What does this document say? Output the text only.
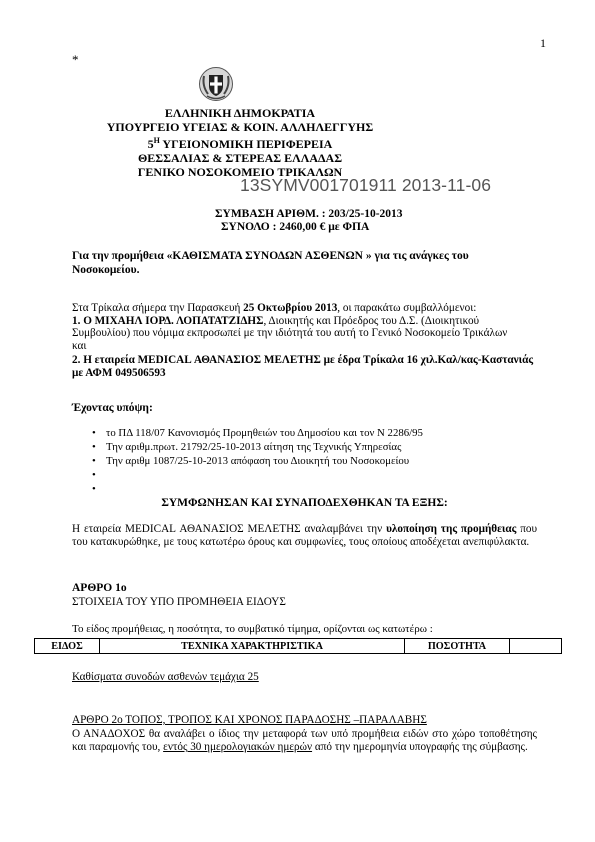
1
*
ΕΛΛΗΝΙΚΗ ΔΗΜΟΚΡΑΤΙΑ
ΥΠΟΥΡΓΕΙΟ ΥΓΕΙΑΣ & ΚΟΙΝ. ΑΛΛΗΛΕΓΓΥΗΣ
$5^H$ ΥΓΕΙΟΝΟΜΙΚΗ ΠΕΡΙΦΕΡΕΙΑ
ΘΕΣΣΑΛΙΑΣ & ΣΤΕΡΕΑΣ ΕΛΛΑΔΑΣ
ΓΕΝΙΚΟ ΝΟΣΟΚΟΜΕΙΟ ΤΡΙΚΑΛΩΝ
13SYMV001701911 2013-11-06
ΣΥΜΒΑΣΗ ΑΡΙΘΜ. : 203/25-10-2013
ΣΥΝΟΛΟ : 2460,00 € με ΦΠΑ
Για την προμήθεια «ΚΑΘΙΣΜΑΤΑ ΣΥΝΟΔΩΝ ΑΣΘΕΝΩΝ » για τις ανάγκες του Νοσοκομείου.
Στα Τρίκαλα σήμερα την Παρασκευή 25 Οκτωβρίου 2013, οι παρακάτω συμβαλλόμενοι:
1. Ο ΜΙΧΑΗΛ ΙΟΡΔ. ΛΟΠΑΤΑΤΖΙΔΗΣ, Διοικητής και Πρόεδρος του Δ.Σ. (Διοικητικού Συμβουλίου) που νόμιμα εκπροσωπεί με την ιδιότητά του αυτή το Γενικό Νοσοκομείο Τρικάλων
και
2. Η εταιρεία MEDICAL ΑΘΑΝΑΣΙΟΣ ΜΕΛΕΤΗΣ με έδρα Τρίκαλα 16 χιλ.Καλ/κας-Καστανιάς με ΑΦΜ 049506593
Έχοντας υπόψη:
• το ΠΔ 118/07 Κανονισμός Προμηθειών του Δημοσίου και τον Ν 2286/95
• Την αριθμ.πρωτ. 21792/25-10-2013 αίτηση της Τεχνικής Υπηρεσίας
• Την αριθμ 1087/25-10-2013 απόφαση του Διοικητή του Νοσοκομείου
•
•
ΣΥΜΦΩΝΗΣΑΝ ΚΑΙ ΣΥΝΑΠΟΔΕΧΘΗΚΑΝ ΤΑ ΕΞΗΣ:
Η εταιρεία MEDICAL ΑΘΑΝΑΣΙΟΣ ΜΕΛΕΤΗΣ αναλαμβάνει την υλοποίηση της προμήθειας που του κατακυρώθηκε, με τους κατωτέρω όρους και συμφωνίες, τους οποίους αποδέχεται ανεπιφύλακτα.
ΑΡΘΡΟ 1ο
ΣΤΟΙΧΕΙΑ ΤΟΥ ΥΠΟ ΠΡΟΜΗΘΕΙΑ ΕΙΔΟΥΣ
Το είδος προμήθειας, η ποσότητα, το συμβατικό τίμημα, ορίζονται ως κατωτέρω :
ΕΙΔΟΣ	ΤΕΧΝΙΚΑ ΧΑΡΑΚΤΗΡΙΣΤΙΚΑ	ΠΟΣΟΤΗΤΑ	
Καθίσματα συνοδών ασθενών τεμάχια 25
ΑΡΘΡΟ 2ο ΤΟΠΟΣ, ΤΡΟΠΟΣ ΚΑΙ ΧΡΟΝΟΣ ΠΑΡΑΔΟΣΗΣ –ΠΑΡΑΛΑΒΗΣ
Ο ΑΝΑΔΟΧΟΣ θα αναλάβει ο ίδιος την μεταφορά των υπό προμήθεια ειδών στο χώρο τοποθέτησης και παραμονής του, εντός 30 ημερολογιακών ημερών από την ημερομηνία υπογραφής της σύμβασης.
